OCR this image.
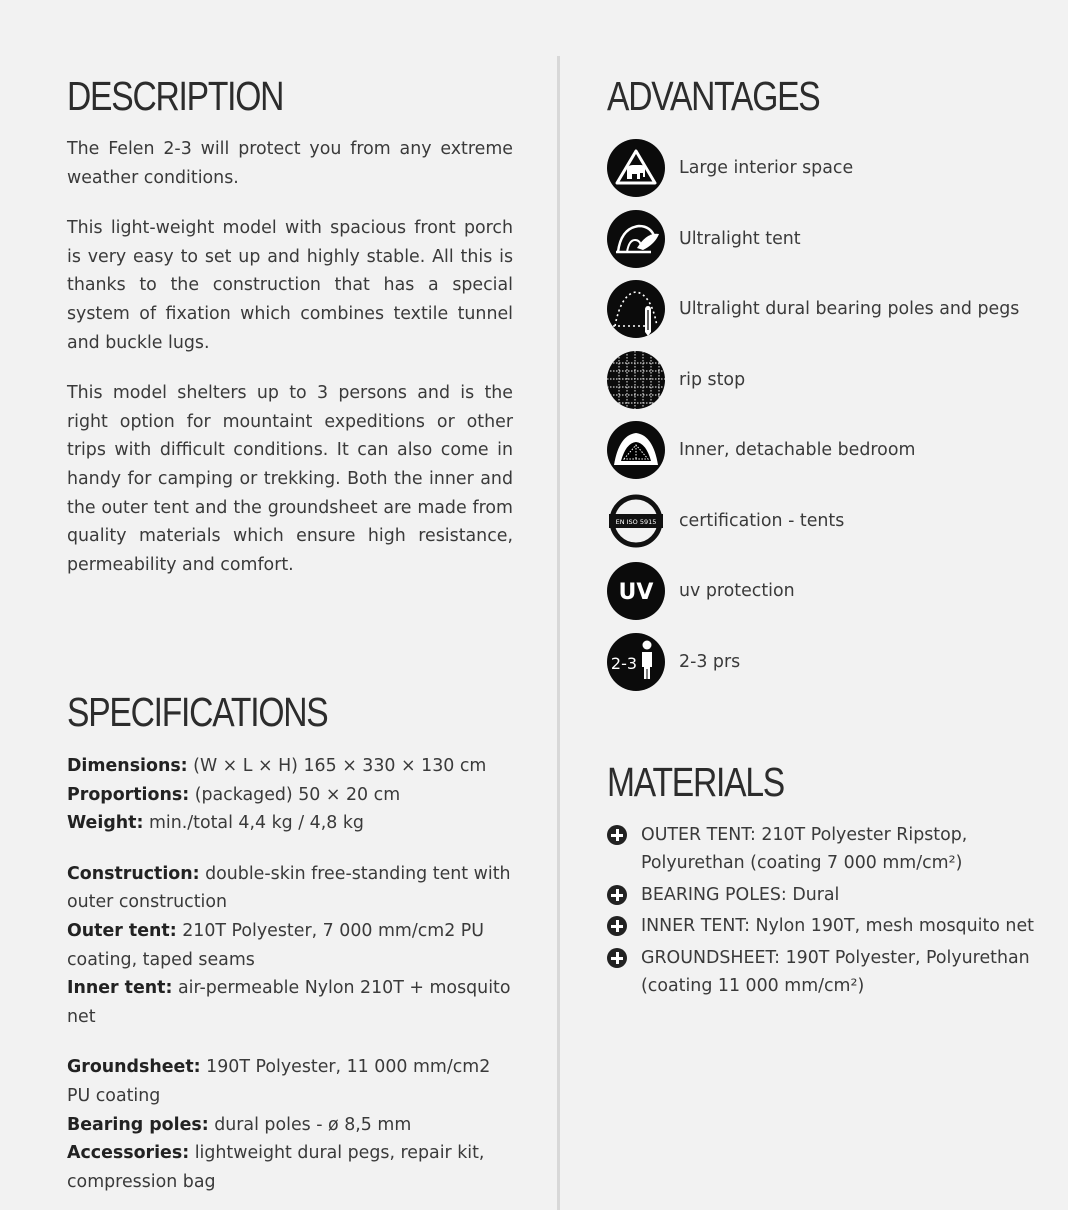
DESCRIPTION

The Felen 2-3 will protect you from any extreme weather conditions.

This light-weight model with spacious front porch is very easy to set up and highly stable. All this is thanks to the construction that has a special system of fixation which combines textile tunnel and buckle lugs.

This model shelters up to 3 persons and is the right option for mountaint expeditions or other trips with difficult conditions. It can also come in handy for camping or trekking. Both the inner and the outer tent and the groundsheet are made from quality materials which ensure high resistance, permeability and comfort.

SPECIFICATIONS
Dimensions: (W × L × H) 165 × 330 × 130 cm
Proportions: (packaged) 50 × 20 cm
Weight: min./total 4,4 kg / 4,8 kg
Construction: double-skin free-standing tent with outer construction
Outer tent: 210T Polyester, 7 000 mm/cm2 PU coating, taped seams
Inner tent: air-permeable Nylon 210T + mosquito net
Groundsheet: 190T Polyester, 11 000 mm/cm2 PU coating
Bearing poles: dural poles - ø 8,5 mm
Accessories: lightweight dural pegs, repair kit, compression bag
ADVANTAGES
Large interior space
Ultralight tent
Ultralight dural bearing poles and pegs
rip stop
Inner, detachable bedroom
EN ISO 5915 certification - tents
UV uv protection
2-3 2-3 prs
MATERIALS
OUTER TENT: 210T Polyester Ripstop, Polyurethan (coating 7 000 mm/cm²)
BEARING POLES: Dural
INNER TENT: Nylon 190T, mesh mosquito net
GROUNDSHEET: 190T Polyester, Polyurethan (coating 11 000 mm/cm²)
